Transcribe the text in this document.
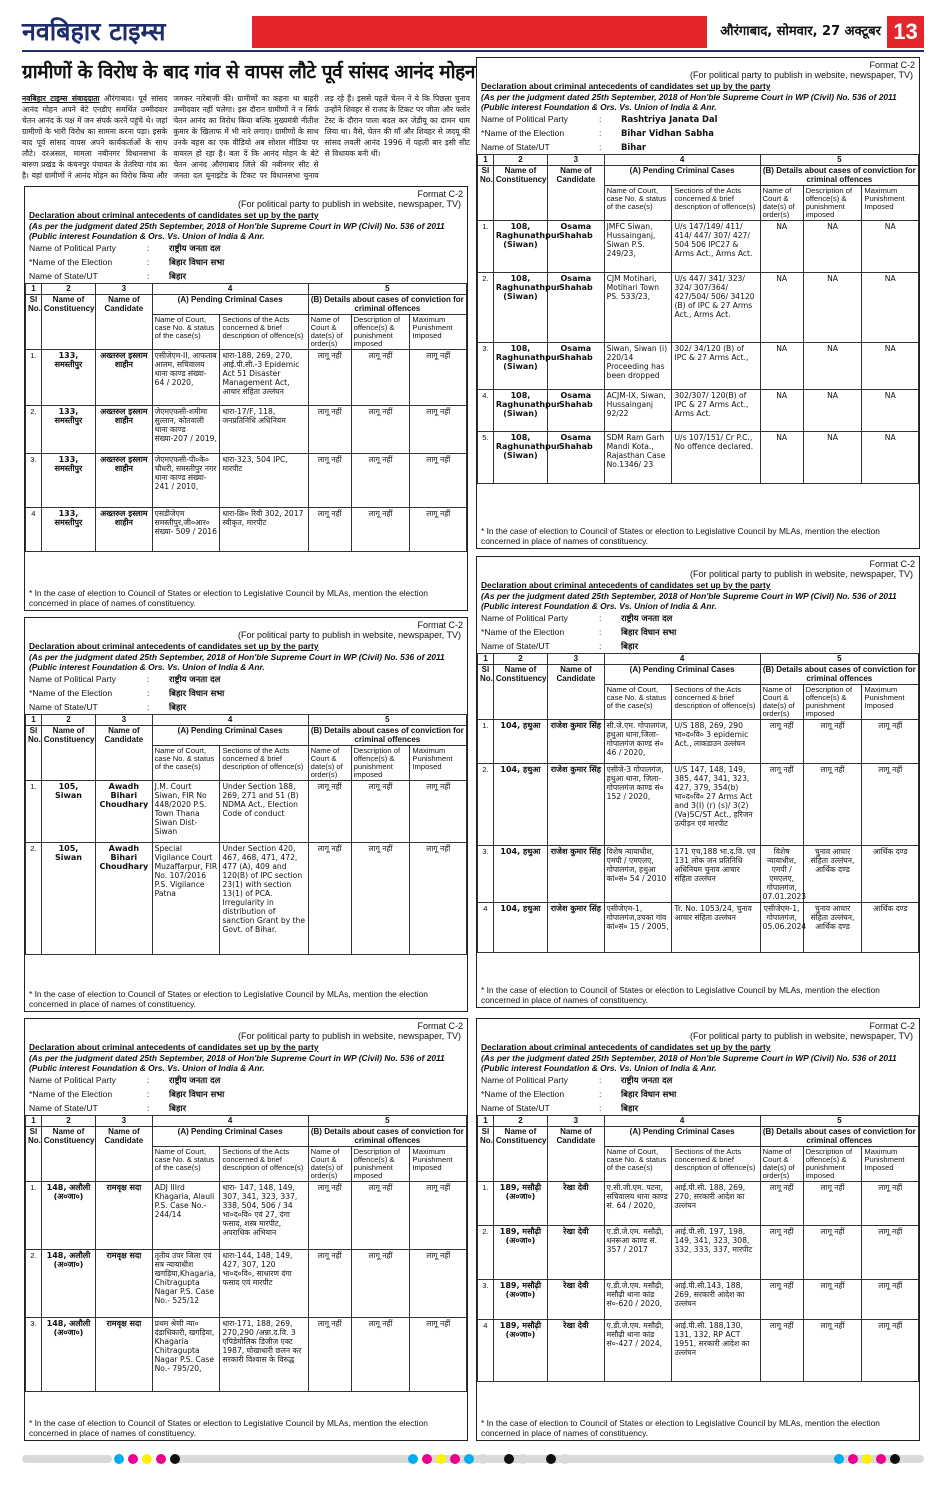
नवबिहार टाइम्स	औरंगाबाद, सोमवार, 27 अक्टूबर 13
ग्रामीणों के विरोध के बाद गांव से वापस लौटे पूर्व सांसद आनंद मोहन
नवबिहार टाइम्स संवाददाता औरंगाबाद। पूर्व सांसद आनंद मोहन अपने बेटे एनडीए समर्थित उम्मीदवार चेतन आनंद के पक्ष में जन संपर्क करने पहुंचे थे। जहां ग्रामीणों के भारी विरोध का सामना करना पड़ा। इसके बाद पूर्व सांसद वापस अपने कार्यकर्ताओं के साथ लौटे। दरअसल, मामला नबीनगर विधानसभा के बारुण प्रखंड के कंचनपुर पंचायत के तेतरिया गांव का है। यहां ग्रामीणों ने आनंद मोहन का विरोध किया और जमकर नारेबाजी की। ग्रामीणों का कहना था बाहरी उम्मीदवार नहीं चलेगा। इस दौरान ग्रामीणों ने न सिर्फ चेतन आनंद का विरोध किया बल्कि मुख्यमंत्री नीतीश कुमार के खिलाफ में भी नारे लगाए। ग्रामीणों के साथ उनके बहस का एक वीडियो अब सोशल मीडिया पर वायरल हो रहा है। बता दें कि आनंद मोहन के बेटे चेतन आनंद औरंगाबाद जिले की नबीनगर सीट से जनता दल यूनाइटेड के टिकट पर विधानसभा चुनाव लड़ रहे हैं। इससे पहले चेतन ने ये कि पिछला चुनाव उन्होंने शिवहर से राजद के टिकट पर जीता और फ्लोर टेस्ट के दौरान पाला बदल कर जेडीयू का दामन थाम लिया था। वैसे, चेतन की माँ और शिवहर से जदयू की सांसद लवली आनंद 1996 में पहली बार इसी सीट से विधायक बनी थीं।
Format C-2
(For political party to publish in website, newspaper, TV)
Declaration about criminal antecedents of candidates set up by the party
(As per the judgment dated 25th September, 2018 of Hon'ble Supreme Court in WP (Civil) No. 536 of 2011 (Public interest Foundation & Ors. Vs. Union of India & Anr.
Name of Political Party	: राष्ट्रीय जनता दल
*Name of the Election	: बिहार विधान सभा
Name of State/UT	: बिहार
1	2	3	4		5		
Sl No.	Name of Constituency	Name of Candidate	(A) Pending Criminal Cases		(B) Details about cases of conviction for criminal offences		
			Name of Court, case No. & status of the case(s)	Sections of the Acts concerned & brief description of offence(s)	Name of Court & date(s) of order(s)	Description of offence(s) & punishment imposed	Maximum Punishment Imposed
1.	133, समस्तीपुर	अख्तरुल इस्लाम शाहीन	एसीजेएम-II, आफताब आलम, सचिवालय थाना काण्ड संख्या- 64 / 2020,	धारा-188, 269, 270, आई.पी.सी.-3 Epidemic Act 51 Disaster Management Act, आचार संहिता उल्लंघन	लागू नहीं	लागू नहीं	लागू नहीं
2.	133, समस्तीपुर	अख्तरुल इस्लाम शाहीन	जेएमएफसी-शमीमा सुल्तान, कोतवाली थाना काण्ड संख्या-207 / 2019,	धारा-17/F, 118, जनप्रतिनिधि अधिनियम	लागू नहीं	लागू नहीं	लागू नहीं
3.	133, समस्तीपुर	अख्तरुल इस्लाम शाहीन	जेएमएफसी-पी०के० चौधरी, समस्तीपुर नगर थाना काण्ड संख्या- 241 / 2010,	धारा-323, 504 IPC, मारपीट	लागू नहीं	लागू नहीं	लागू नहीं
4	133, समस्तीपुर	अख्तरुल इस्लाम शाहीन	एसडीजेएम समस्तीपुर,जी०आर० संख्या- 509 / 2016	धारा-क्रि० रिवी 302, 2017 स्वीकृत, मारपीट	लागू नहीं	लागू नहीं	लागू नहीं
* In the case of election to Council of States or election to Legislative Council by MLAs, mention the election concerned in place of names of constituency.
Format C-2
(For political party to publish in website, newspaper, TV)
Declaration about criminal antecedents of candidates set up by the party
(As per the judgment dated 25th September, 2018 of Hon'ble Supreme Court in WP (Civil) No. 536 of 2011 (Public interest Foundation & Ors. Vs. Union of India & Anr.
Name of Political Party	: Rashtriya Janata Dal
*Name of the Election	: Bihar Vidhan Sabha
Name of State/UT	: Bihar
1	2	3	4		5		
Sl No.	Name of Constituency	Name of Candidate	(A) Pending Criminal Cases		(B) Details about cases of conviction for criminal offences		
			Name of Court, case No. & status of the case(s)	Sections of the Acts concerned & brief description of offence(s)	Name of Court & date(s) of order(s)	Description of offence(s) & punishment imposed	Maximum Punishment Imposed
1.	108, Raghunathpur (Siwan)	Osama Shahab	JMFC Siwan, Hussainganj, Siwan P.S. 249/23,	U/s 147/149/ 411/ 414/ 447/ 307/ 427/ 504 506 IPC27 & Arms Act., Arms Act.	NA	NA	NA
2.	108, Raghunathpur (Siwan)	Osama Shahab	CJM Motihari, Motihari Town PS. 533/23,	U/s 447/ 341/ 323/ 324/ 307/364/ 427/504/ 506/ 34120 (B) of IPC & 27 Arms Act., Arms Act.	NA	NA	NA
3.	108, Raghunathpur (Siwan)	Osama Shahab	Siwan, Siwan (i) 220/14 Proceeding has been dropped	302/ 34/120 (B) of IPC & 27 Arms Act.,	NA	NA	NA
4.	108, Raghunathpur (Siwan)	Osama Shahab	ACJM-IX, Siwan, Hussainganj 92/22	302/307/ 120(B) of IPC & 27 Arms Act., Arms Act.	NA	NA	NA
5.	108, Raghunathpur (Siwan)	Osama Shahab	SDM Ram Garh Mandi Kota., Rajasthan Case No.1346/ 23	U/s 107/151/ Cr P.C., No offence declared.	NA	NA	NA
* In the case of election to Council of States or election to Legislative Council by MLAs, mention the election concerned in place of names of constituency.
Format C-2
(For political party to publish in website, newspaper, TV)
Declaration about criminal antecedents of candidates set up by the party
(As per the judgment dated 25th September, 2018 of Hon'ble Supreme Court in WP (Civil) No. 536 of 2011 (Public interest Foundation & Ors. Vs. Union of India & Anr.
Name of Political Party	: राष्ट्रीय जनता दल
*Name of the Election	: बिहार विधान सभा
Name of State/UT	: बिहार
1	2	3	4		5		
Sl No.	Name of Constituency	Name of Candidate	(A) Pending Criminal Cases		(B) Details about cases of conviction for criminal offences		
			Name of Court, case No. & status of the case(s)	Sections of the Acts concerned & brief description of offence(s)	Name of Court & date(s) of order(s)	Description of offence(s) & punishment imposed	Maximum Punishment Imposed
1.	105, Siwan	Awadh Bihari Choudhary	J.M. Court Siwan, FIR No 448/2020 P.S. Town Thana Siwan Dist-Siwan	Under Section 188, 269, 271 and 51 (B) NDMA Act., Election Code of conduct	लागू नहीं	लागू नहीं	लागू नहीं
2.	105, Siwan	Awadh Bihari Choudhary	Special Vigilance Court Muzaffarpur, FIR No. 107/2016 P.S. Vigilance Patna	Under Section 420, 467, 468, 471, 472, 477 (A), 409 and 120(B) of IPC section 23(1) with section 13(1) of PCA. Irregularity in distribution of sanction Grant by the Govt. of Bihar.	लागू नहीं	लागू नहीं	लागू नहीं
* In the case of election to Council of States or election to Legislative Council by MLAs, mention the election concerned in place of names of constituency.
Format C-2
(For political party to publish in website, newspaper, TV)
Declaration about criminal antecedents of candidates set up by the party
(As per the judgment dated 25th September, 2018 of Hon'ble Supreme Court in WP (Civil) No. 536 of 2011 (Public interest Foundation & Ors. Vs. Union of India & Anr.
Name of Political Party	: राष्ट्रीय जनता दल
*Name of the Election	: बिहार विधान सभा
Name of State/UT	: बिहार
1	2	3	4		5		
Sl No.	Name of Constituency	Name of Candidate	(A) Pending Criminal Cases		(B) Details about cases of conviction for criminal offences		
			Name of Court, case No. & status of the case(s)	Sections of the Acts concerned & brief description of offence(s)	Name of Court & date(s) of order(s)	Description of offence(s) & punishment imposed	Maximum Punishment Imposed
1.	104, हथुआ	राजेश कुमार सिंह	सी.जे.एम. गोपालगंज, हथुआ थाना,जिला- गोपालगंज काण्ड सं० 46 / 2020,	U/S 188, 269, 290 भा०द०वि० 3 epidemic Act., लाकडाउन उल्लंघन	लागू नहीं	लागू नहीं	लागू नहीं
2.	104, हथुआ	राजेश कुमार सिंह	एसीजे-3 गोपालगंज, हथुआ थाना, जिला- गोपालगंज काण्ड सं० 152 / 2020,	U/S 147, 148, 149, 385, 447, 341, 323, 427, 379, 354(b) भा०द०वि० 27 Arms Act and 3(I) (r) (s)/ 3(2)(Va)SC/ST Act., हरिजन उत्पीड़न एवं मारपीट	लागू नहीं	लागू नहीं	लागू नहीं
3.	104, हथुआ	राजेश कुमार सिंह	विशेष न्यायाधीश, एमपी / एमएलए, गोपालगंज, हथुआ कां०सं० 54 / 2010	171 एच,188 भा.द.वि. एवं 131 लोक जन प्रतिनिधि अधिनियम चुनाव आचार संहिता उल्लंघन	विशेष न्यायाधीश, एमपी / एमएलए, गोपालगंज, 07.01.2023	चुनाव आचार संहिता उल्लंघन, आर्थिक दण्ड	आर्थिक दण्ड
4	104, हथुआ	राजेश कुमार सिंह	एसीजेएम-1, गोपालगंज,उचका गांव कां०सं० 15 / 2005,	Tr. No. 1053/24, चुनाव आचार संहिता उल्लंघन	एसीजेएम-1, गोपालगंज, 05.06.2024	चुनाव आचार संहिता उल्लंघन, आर्थिक दण्ड	आर्थिक दण्ड
* In the case of election to Council of States or election to Legislative Council by MLAs, mention the election concerned in place of names of constituency.
Format C-2
(For political party to publish in website, newspaper, TV)
Declaration about criminal antecedents of candidates set up by the party
(As per the judgment dated 25th September, 2018 of Hon'ble Supreme Court in WP (Civil) No. 536 of 2011 (Public interest Foundation & Ors. Vs. Union of India & Anr.
Name of Political Party	: राष्ट्रीय जनता दल
*Name of the Election	: बिहार विधान सभा
Name of State/UT	: बिहार
1	2	3	4		5		
Sl No.	Name of Constituency	Name of Candidate	(A) Pending Criminal Cases		(B) Details about cases of conviction for criminal offences		
			Name of Court, case No. & status of the case(s)	Sections of the Acts concerned & brief description of offence(s)	Name of Court & date(s) of order(s)	Description of offence(s) & punishment imposed	Maximum Punishment Imposed
1.	148, अलौली (अ०जा०)	रामवृक्ष सदा	ADJ IIIrd Khagaria, Alauli P.S. Case No.- 244/14	धारा- 147, 148, 149, 307, 341, 323, 337, 338, 504, 506 / 34 भा०द०वि० एवं 27, दंगा फसाद, शस्त्र मारपीट, अपराधिक अभियान	लागू नहीं	लागू नहीं	लागू नहीं
2.	148, अलौली (अ०जा०)	रामवृक्ष सदा	तृतीय उपर जिला एवं सत्र न्यायाधीश खगड़िया,Khagaria, Chitragupta Nagar P.S. Case No.- 525/12	धारा-144, 148, 149, 427, 307, 120 भा०द०वि०, साधारण दंगा फसाद एवं मारपीट	लागू नहीं	लागू नहीं	लागू नहीं
3.	148, अलौली (अ०जा०)	रामवृक्ष सदा	प्रथम श्रेणी न्या० दंडाधिकारी, खगड़िया, Khagaria Chitragupta Nagar P.S. Case No.- 795/20,	धारा-171, 188, 269, 270,290 /अन्ना.द.वि. 3 एपिडेमोलिक डिजीज एक्ट 1987, घोखाधारी छलन कर सरकारी विश्वास के विरुद्ध	लागू नहीं	लागू नहीं	लागू नहीं
* In the case of election to Council of States or election to Legislative Council by MLAs, mention the election concerned in place of names of constituency.
Format C-2
(For political party to publish in website, newspaper, TV)
Declaration about criminal antecedents of candidates set up by the party
(As per the judgment dated 25th September, 2018 of Hon'ble Supreme Court in WP (Civil) No. 536 of 2011 (Public interest Foundation & Ors. Vs. Union of India & Anr.
Name of Political Party	: राष्ट्रीय जनता दल
*Name of the Election	: बिहार विधान सभा
Name of State/UT	: बिहार
1	2	3	4		5		
Sl No.	Name of Constituency	Name of Candidate	(A) Pending Criminal Cases		(B) Details about cases of conviction for criminal offences		
			Name of Court, case No. & status of the case(s)	Sections of the Acts concerned & brief description of offence(s)	Name of Court & date(s) of order(s)	Description of offence(s) & punishment imposed	Maximum Punishment Imposed
1.	189, मसौढ़ी (अ०जा०)	रेखा देवी	ए.सी.जी.एम. पटना, सचिवालय थाना काण्ड सं. 64 / 2020,	आई.पी.सी. 188, 269, 270, सरकारी आदेश का उल्लंघन	लागू नहीं	लागू नहीं	लागू नहीं
2.	189, मसौढ़ी (अ०जा०)	रेखा देवी	ए.डी.जे.एम. मसौढ़ी, धनरूआ काण्ड सं. 357 / 2017	आई.पी.सी. 197, 198, 149, 341, 323, 308, 332, 333, 337, मारपीट	लागू नहीं	लागू नहीं	लागू नहीं
3.	189, मसौढ़ी (अ०जा०)	रेखा देवी	ए.डी.जे.एम. मसौढ़ी, मसौढ़ी थाना कांड सं०-620 / 2020,	आई.पी.सी.143, 188, 269, सरकारी आदेश का उल्लंघन	लागू नहीं	लागू नहीं	लागू नहीं
4	189, मसौढ़ी (अ०जा०)	रेखा देवी	ए.डी.जे.एम. मसौढ़ी, मसौढ़ी थाना कांड सं०-427 / 2024,	आई.पी.सी. 188,130, 131, 132, RP ACT 1951, सरकारी आदेश का उल्लंघन	लागू नहीं	लागू नहीं	लागू नहीं
* In the case of election to Council of States or election to Legislative Council by MLAs, mention the election concerned in place of names of constituency.
